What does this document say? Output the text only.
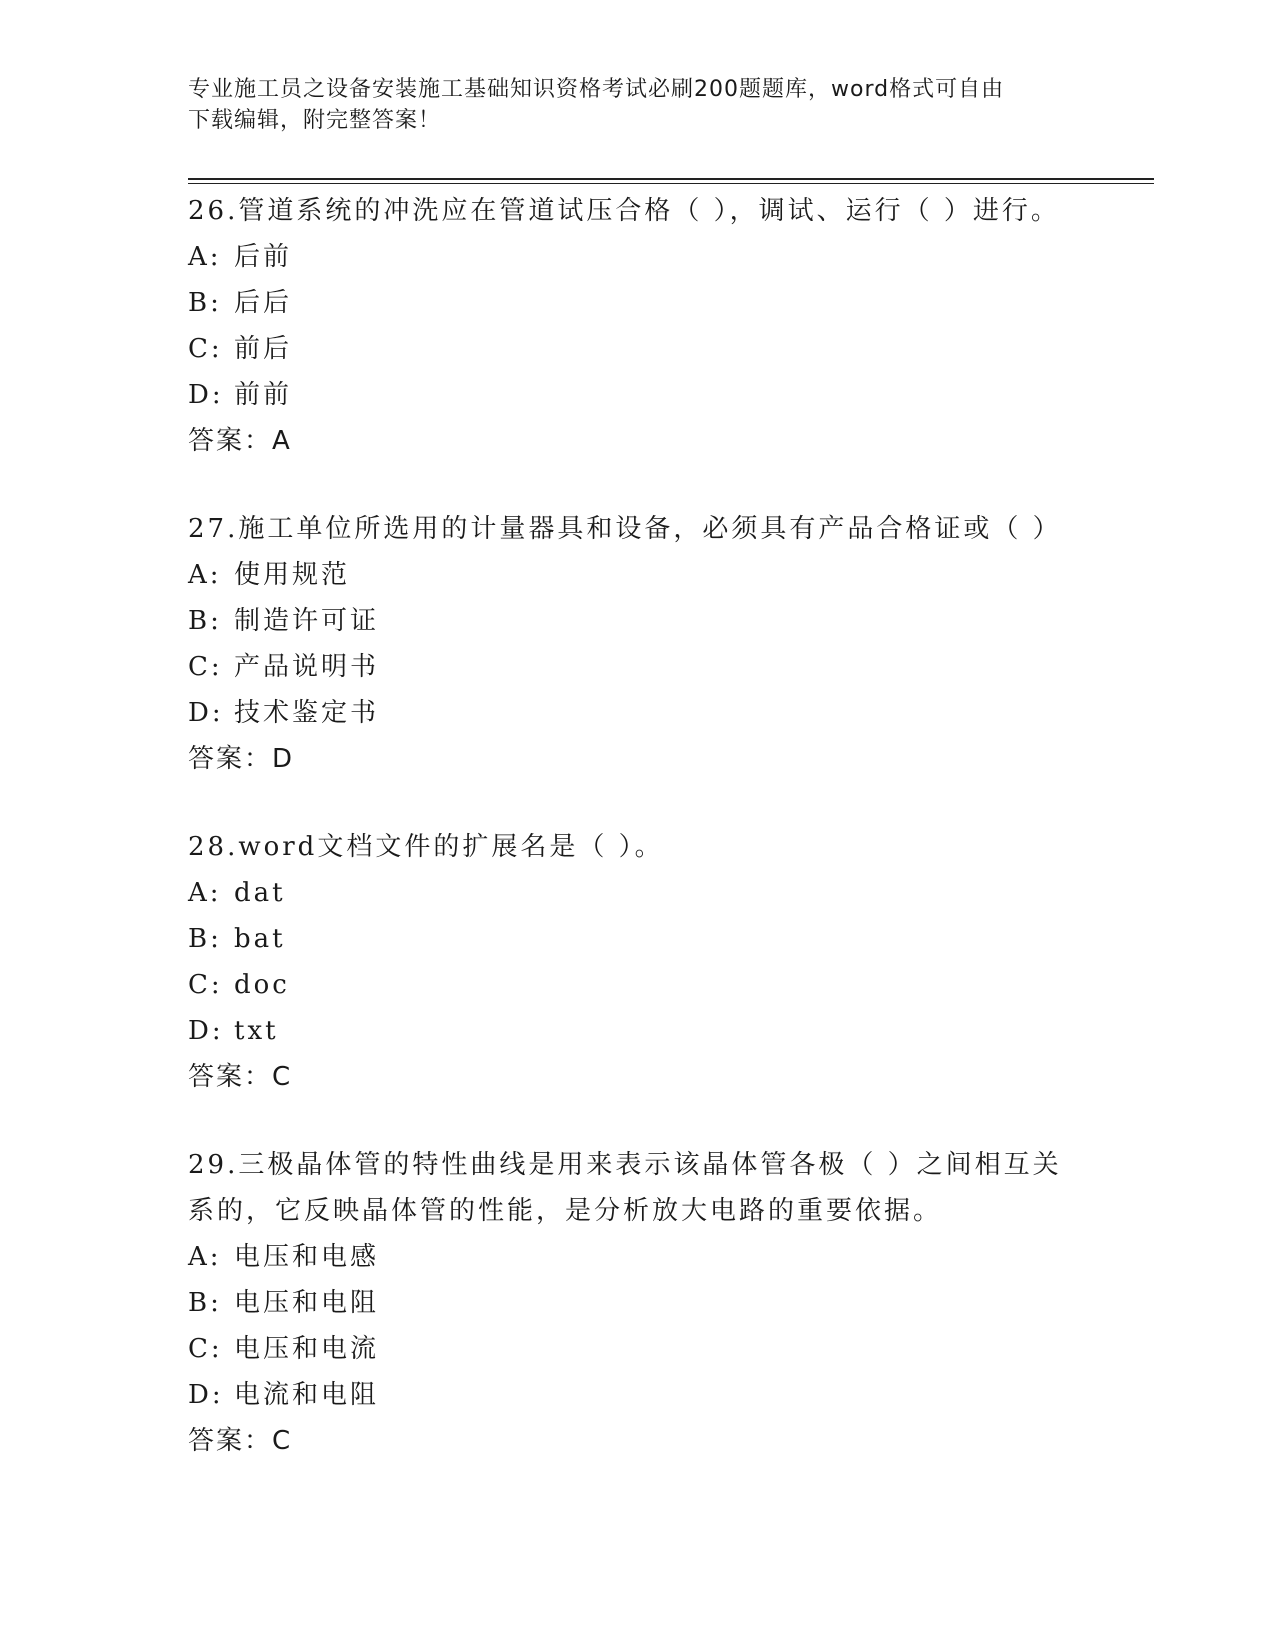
专业施工员之设备安装施工基础知识资格考试必刷200题题库，word格式可自由
下载编辑，附完整答案！
26.管道系统的冲洗应在管道试压合格（ ），调试、运行（ ）进行。
A: 后前
B: 后后
C: 前后
D: 前前
答案：A
27.施工单位所选用的计量器具和设备，必须具有产品合格证或（ ）
A: 使用规范
B: 制造许可证
C: 产品说明书
D: 技术鉴定书
答案：D
28.word文档文件的扩展名是（ ）。
A: dat
B: bat
C: doc
D: txt
答案：C
29.三极晶体管的特性曲线是用来表示该晶体管各极（ ）之间相互关
系的，它反映晶体管的性能，是分析放大电路的重要依据。
A: 电压和电感
B: 电压和电阻
C: 电压和电流
D: 电流和电阻
答案：C
